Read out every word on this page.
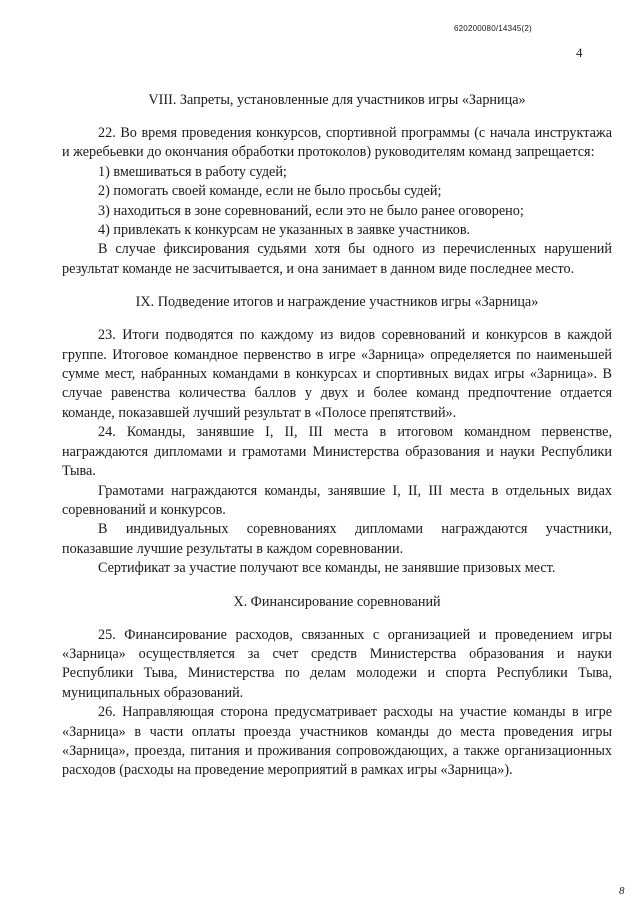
620200080/14345(2)
4
VIII. Запреты, установленные для участников игры «Зарница»

22. Во время проведения конкурсов, спортивной программы (с начала инструктажа и жеребьевки до окончания обработки протоколов) руководителям команд запрещается:

1) вмешиваться в работу судей;

2) помогать своей команде, если не было просьбы судей;

3) находиться в зоне соревнований, если это не было ранее оговорено;

4) привлекать к конкурсам не указанных в заявке участников.

В случае фиксирования судьями хотя бы одного из перечисленных нарушений результат команде не засчитывается, и она занимает в данном виде последнее место.

IX. Подведение итогов и награждение участников игры «Зарница»

23. Итоги подводятся по каждому из видов соревнований и конкурсов в каждой группе. Итоговое командное первенство в игре «Зарница» определяется по наименьшей сумме мест, набранных командами в конкурсах и спортивных видах игры «Зарница». В случае равенства количества баллов у двух и более команд предпочтение отдается команде, показавшей лучший результат в «Полосе препятствий».

24. Команды, занявшие I, II, III места в итоговом командном первенстве, награждаются дипломами и грамотами Министерства образования и науки Республики Тыва.

Грамотами награждаются команды, занявшие I, II, III места в отдельных видах соревнований и конкурсов.

В индивидуальных соревнованиях дипломами награждаются участники, показавшие лучшие результаты в каждом соревновании.

Сертификат за участие получают все команды, не занявшие призовых мест.

X. Финансирование соревнований

25. Финансирование расходов, связанных с организацией и проведением игры «Зарница» осуществляется за счет средств Министерства образования и науки Республики Тыва, Министерства по делам молодежи и спорта Республики Тыва, муниципальных образований.

26. Направляющая сторона предусматривает расходы на участие команды в игре «Зарница» в части оплаты проезда участников команды до места проведения игры «Зарница», проезда, питания и проживания сопровождающих, а также организационных расходов (расходы на проведение мероприятий в рамках игры «Зарница»).

8
